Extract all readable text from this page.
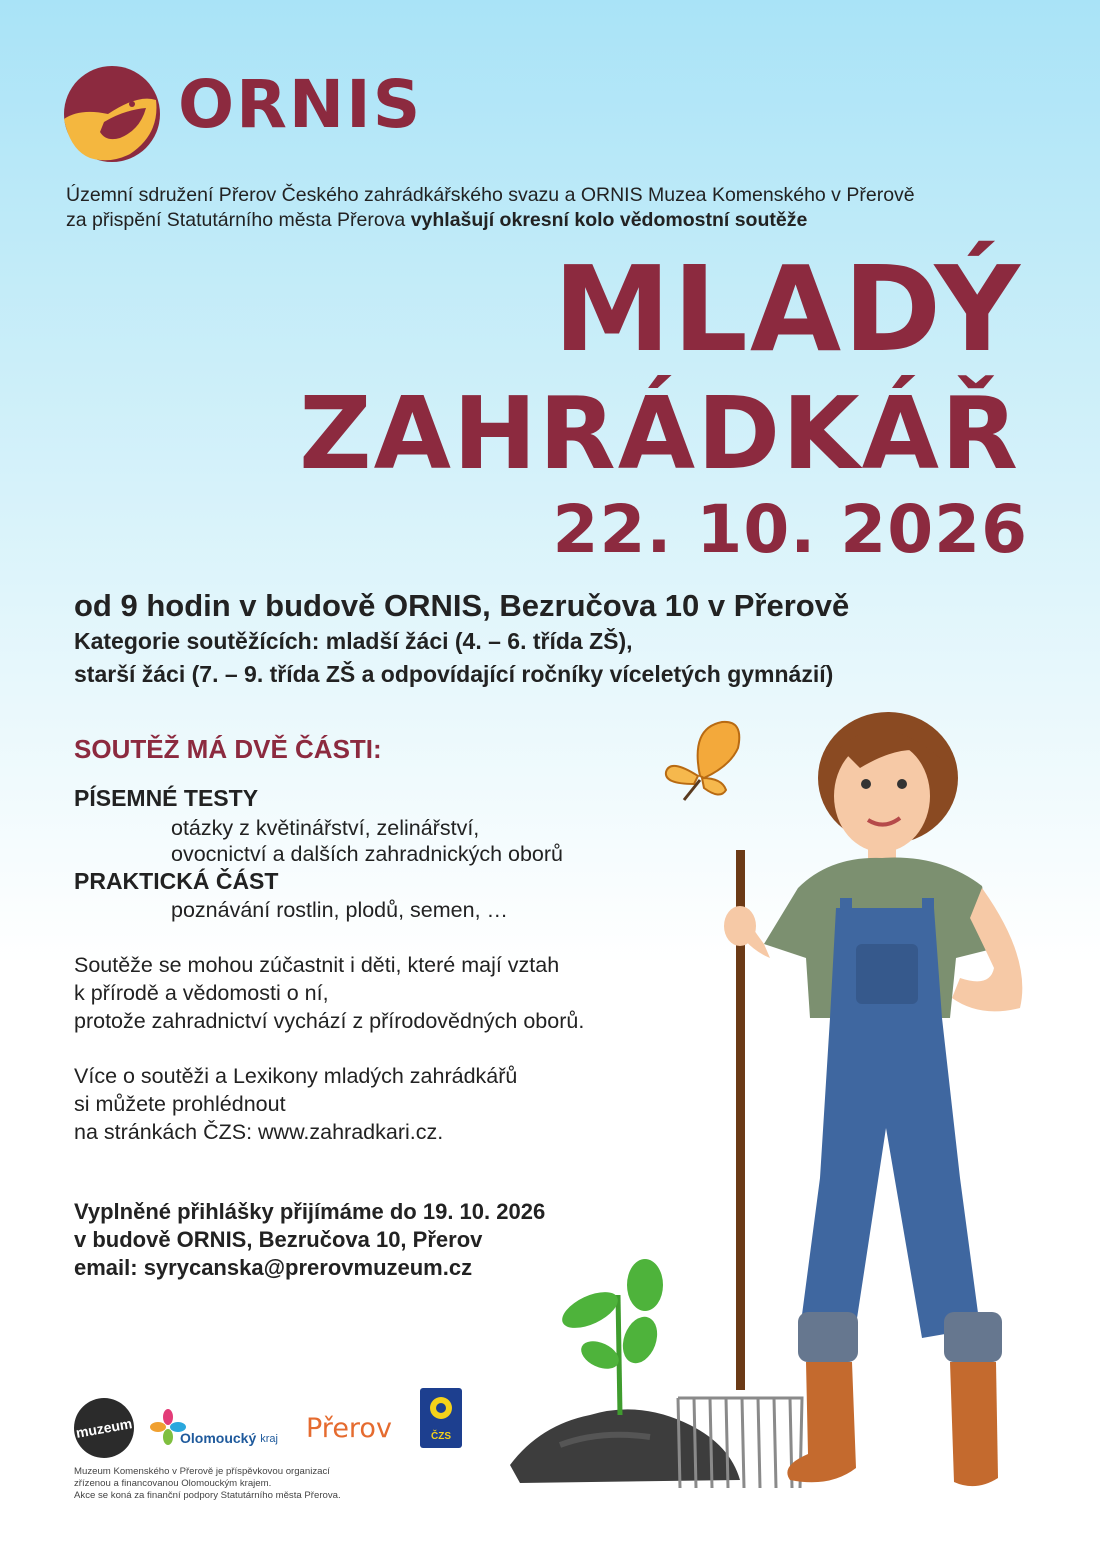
ORNIS
Územní sdružení Přerov Českého zahrádkářského svazu a ORNIS Muzea Komenského v Přerově
za přispění Statutárního města Přerova vyhlašují okresní kolo vědomostní soutěže
MLADÝ
ZAHRÁDKÁŘ
22. 10. 2026
od 9 hodin v budově ORNIS, Bezručova 10 v Přerově
Kategorie soutěžících: mladší žáci (4. – 6. třída ZŠ),
starší žáci (7. – 9. třída ZŠ a odpovídající ročníky víceletých gymnázií)
SOUTĚŽ MÁ DVĚ ČÁSTI:
PÍSEMNÉ TESTY
otázky z květinářství, zelinářství,
ovocnictví a dalších zahradnických oborů
PRAKTICKÁ ČÁST
poznávání rostlin, plodů, semen, …
Soutěže se mohou zúčastnit i děti, které mají vztah
k přírodě a vědomosti o ní,
protože zahradnictví vychází z přírodovědných oborů.
Více o soutěži a Lexikony mladých zahrádkářů
si můžete prohlédnout
na stránkách ČZS: www.zahradkari.cz.
Vyplněné přihlášky přijímáme do 19. 10. 2026
v budově ORNIS, Bezručova 10, Přerov
email: syrycanska@prerovmuzeum.cz
muzeum	Olomoucký kraj Přerov	ČZS
Muzeum Komenského v Přerově je příspěvkovou organizací
zřízenou a financovanou Olomouckým krajem.
Akce se koná za finanční podpory Statutárního města Přerova.
